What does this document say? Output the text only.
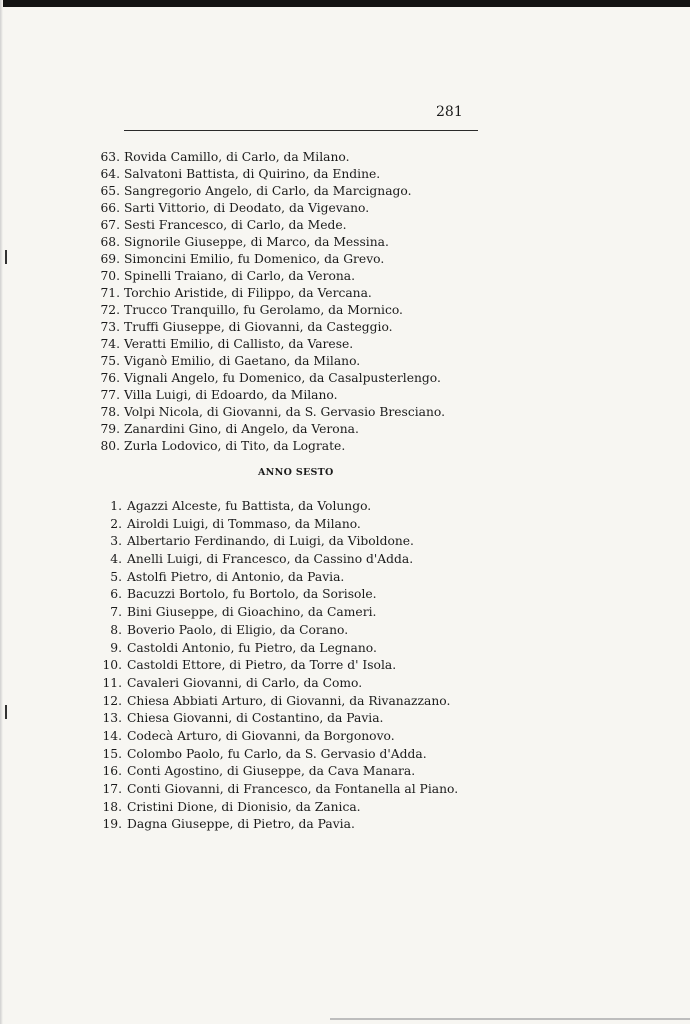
281
63. Rovida Camillo, di Carlo, da Milano.
64. Salvatoni Battista, di Quirino, da Endine.
65. Sangregorio Angelo, di Carlo, da Marcignago.
66. Sarti Vittorio, di Deodato, da Vigevano.
67. Sesti Francesco, di Carlo, da Mede.
68. Signorile Giuseppe, di Marco, da Messina.
69. Simoncini Emilio, fu Domenico, da Grevo.
70. Spinelli Traiano, di Carlo, da Verona.
71. Torchio Aristide, di Filippo, da Vercana.
72. Trucco Tranquillo, fu Gerolamo, da Mornico.
73. Truffi Giuseppe, di Giovanni, da Casteggio.
74. Veratti Emilio, di Callisto, da Varese.
75. Viganò Emilio, di Gaetano, da Milano.
76. Vignali Angelo, fu Domenico, da Casalpusterlengo.
77. Villa Luigi, di Edoardo, da Milano.
78. Volpi Nicola, di Giovanni, da S. Gervasio Bresciano.
79. Zanardini Gino, di Angelo, da Verona.
80. Zurla Lodovico, di Tito, da Lograte.
ANNO SESTO
1. Agazzi Alceste, fu Battista, da Volungo.
2. Airoldi Luigi, di Tommaso, da Milano.
3. Albertario Ferdinando, di Luigi, da Viboldone.
4. Anelli Luigi, di Francesco, da Cassino d'Adda.
5. Astolfi Pietro, di Antonio, da Pavia.
6. Bacuzzi Bortolo, fu Bortolo, da Sorisole.
7. Bini Giuseppe, di Gioachino, da Cameri.
8. Boverio Paolo, di Eligio, da Corano.
9. Castoldi Antonio, fu Pietro, da Legnano.
10. Castoldi Ettore, di Pietro, da Torre d' Isola.
11. Cavaleri Giovanni, di Carlo, da Como.
12. Chiesa Abbiati Arturo, di Giovanni, da Rivanazzano.
13. Chiesa Giovanni, di Costantino, da Pavia.
14. Codecà Arturo, di Giovanni, da Borgonovo.
15. Colombo Paolo, fu Carlo, da S. Gervasio d'Adda.
16. Conti Agostino, di Giuseppe, da Cava Manara.
17. Conti Giovanni, di Francesco, da Fontanella al Piano.
18. Cristini Dione, di Dionisio, da Zanica.
19. Dagna Giuseppe, di Pietro, da Pavia.
